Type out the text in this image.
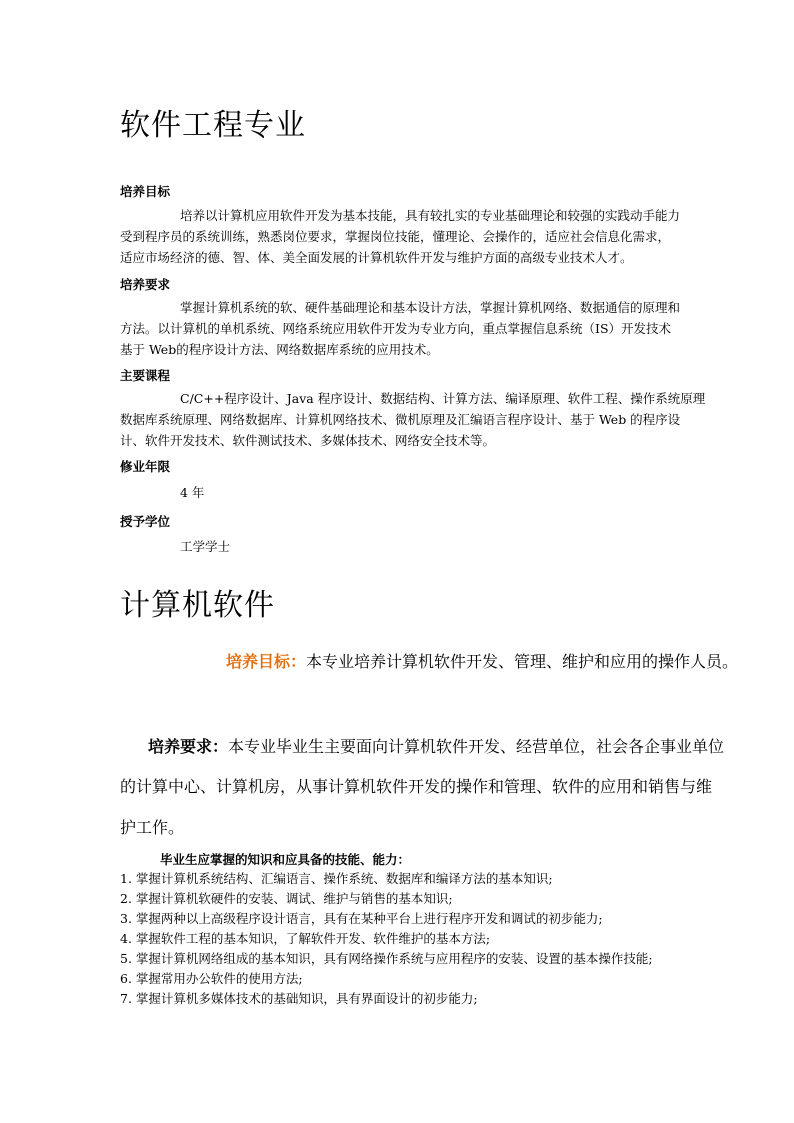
软件工程专业
培养目标
培养以计算机应用软件开发为基本技能，具有较扎实的专业基础理论和较强的实践动手能力
受到程序员的系统训练，熟悉岗位要求，掌握岗位技能，懂理论、会操作的，适应社会信息化需求，
适应市场经济的德、智、体、美全面发展的计算机软件开发与维护方面的高级专业技术人才。
培养要求
掌握计算机系统的软、硬件基础理论和基本设计方法，掌握计算机网络、数据通信的原理和
方法。以计算机的单机系统、网络系统应用软件开发为专业方向，重点掌握信息系统（IS）开发技术
基于 Web的程序设计方法、网络数据库系统的应用技术。
主要课程
C/C++程序设计、Java 程序设计、数据结构、计算方法、编译原理、软件工程、操作系统原理
数据库系统原理、网络数据库、计算机网络技术、微机原理及汇编语言程序设计、基于 Web 的程序设
计、软件开发技术、软件测试技术、多媒体技术、网络安全技术等。
修业年限
4 年
授予学位
工学学士
计算机软件
培养目标：本专业培养计算机软件开发、管理、维护和应用的操作人员。
培养要求：本专业毕业生主要面向计算机软件开发、经营单位，社会各企事业单位
的计算中心、计算机房，从事计算机软件开发的操作和管理、软件的应用和销售与维
护工作。
毕业生应掌握的知识和应具备的技能、能力：
1. 掌握计算机系统结构、汇编语言、操作系统、数据库和编译方法的基本知识;
2. 掌握计算机软硬件的安装、调试、维护与销售的基本知识;
3. 掌握两种以上高级程序设计语言，具有在某种平台上进行程序开发和调试的初步能力;
4. 掌握软件工程的基本知识，了解软件开发、软件维护的基本方法;
5. 掌握计算机网络组成的基本知识，具有网络操作系统与应用程序的安装、设置的基本操作技能;
6. 掌握常用办公软件的使用方法;
7. 掌握计算机多媒体技术的基础知识，具有界面设计的初步能力;
